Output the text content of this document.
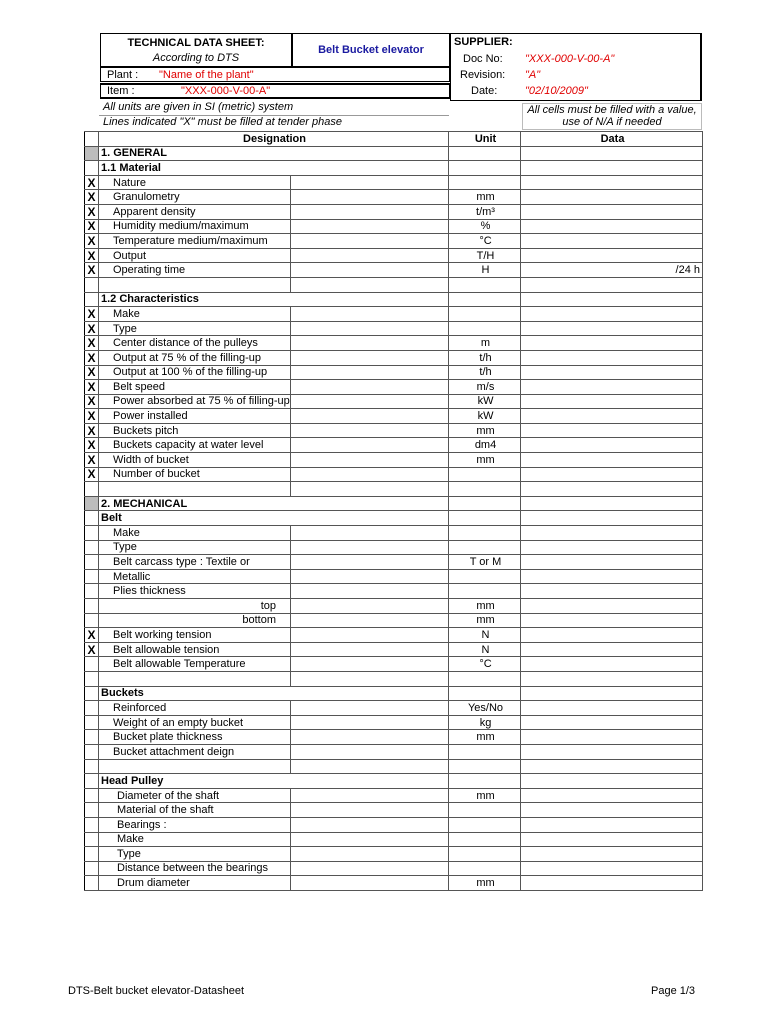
TECHNICAL DATA SHEET:
According to DTS
Belt Bucket elevator
Plant : "Name of the plant"
Item :	"XXX-000-V-00-A"
SUPPLIER:
Doc No: "XXX-000-V-00-A"
Revision: "A"
Date:	"02/10/2009"
All units are given in SI (metric) system
Lines indicated "X" must be filled at tender phase
All cells must be filled with a value, use of N/A if needed
	Designation		Unit	Data
	1. GENERAL			
	1.1 Material			
X	Nature			
X	Granulometry		mm	
X	Apparent density		t/m³	
X	Humidity medium/maximum		%	
X	Temperature medium/maximum		°C	
X	Output		T/H	
X	Operating time		H	/24 h

	1.2 Characteristics			
X	Make			
X	Type			
X	Center distance of the pulleys		m	
X	Output at 75 % of the filling-up		t/h	
X	Output at 100 % of the filling-up		t/h	
X	Belt speed		m/s	
X	Power absorbed at 75 % of filling-up		kW	
X	Power installed		kW	
X	Buckets pitch		mm	
X	Buckets capacity at water level		dm4	
X	Width of bucket		mm	
X	Number of bucket			

	2. MECHANICAL			
	Belt			
	Make			
	Type			
	Belt carcass type : Textile or		T or M	
	Metallic			
	Plies thickness			
	top		mm	
	bottom		mm	
X	Belt working tension		N	
X	Belt allowable tension		N	
	Belt allowable Temperature		°C	

	Buckets			
	Reinforced		Yes/No	
	Weight of an empty bucket		kg	
	Bucket plate thickness		mm	
	Bucket attachment deign			

	Head Pulley			
	Diameter of the shaft		mm	
	Material of the shaft			
	Bearings :			
	Make			
	Type			
	Distance between the bearings			
	Drum diameter		mm	
DTS-Belt bucket elevator-Datasheet	Page 1/3
